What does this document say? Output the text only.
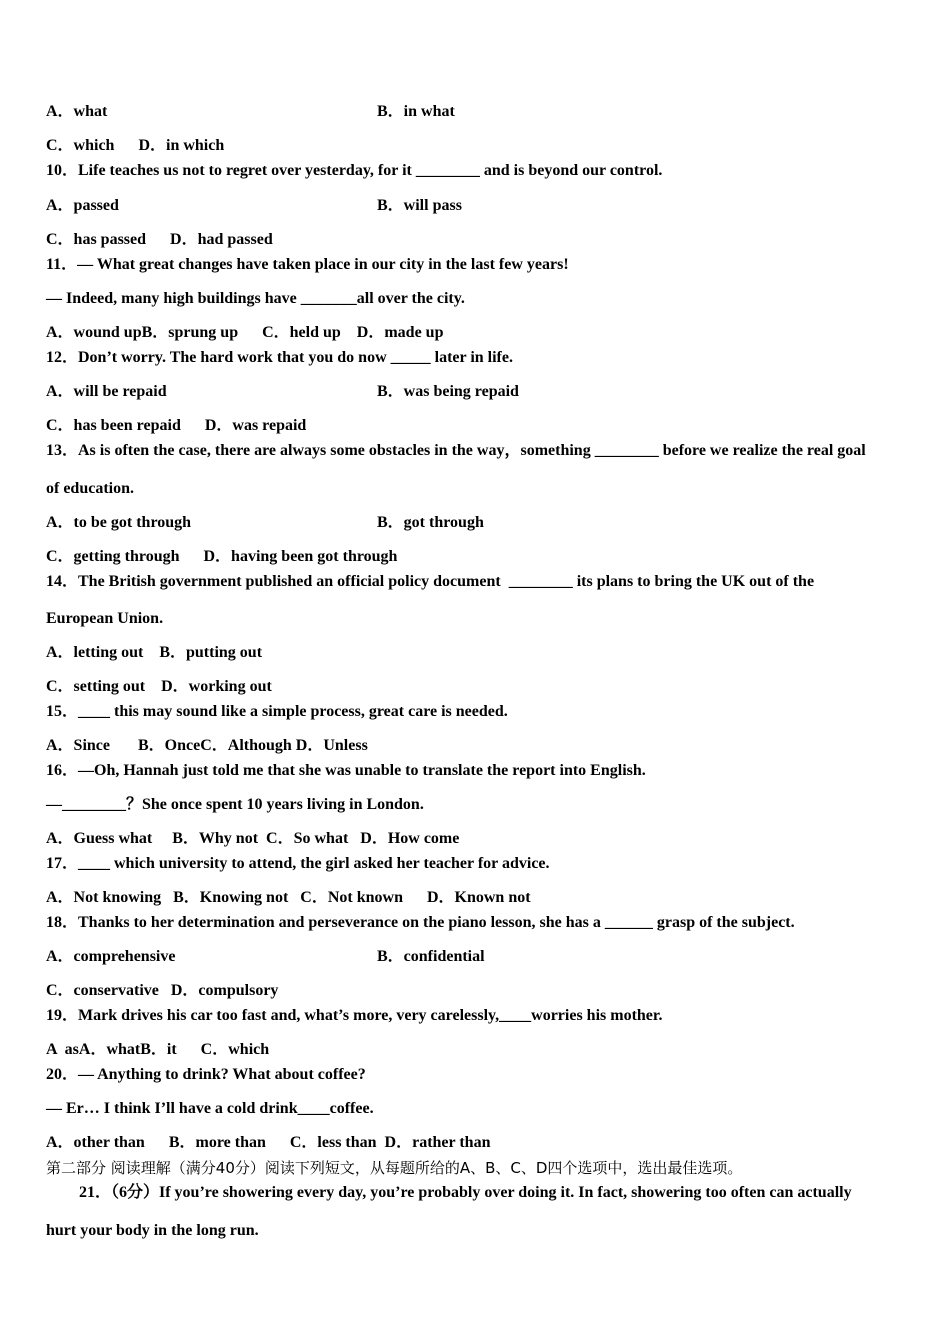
A．what	B．in what
C．which      D．in which
10．Life teaches us not to regret over yesterday, for it ________ and is beyond our control.
A．passed	B．will pass
C．has passed      D．had passed
11．— What great changes have taken place in our city in the last few years!
— Indeed, many high buildings have _______all over the city.
A．wound upB．sprung up      C．held up    D．made up
12．Don’t worry. The hard work that you do now _____ later in life.
A．will be repaid	B．was being repaid
C．has been repaid      D．was repaid
13．As is often the case, there are always some obstacles in the way，something ________ before we realize the real goal
of education.
A．to be got through	B．got through
C．getting through      D．having been got through
14．The British government published an official policy document  ________ its plans to bring the UK out of the
European Union.
A．letting out    B．putting out
C．setting out    D．working out
15．____ this may sound like a simple process, great care is needed.
A．Since       B．OnceC．Although D．Unless
16．—Oh, Hannah just told me that she was unable to translate the report into English.
—________？She once spent 10 years living in London.
A．Guess what     B．Why not  C．So what   D．How come
17．____ which university to attend, the girl asked her teacher for advice.
A．Not knowing   B．Knowing not   C．Not known      D．Known not
18．Thanks to her determination and perseverance on the piano lesson, she has a ______ grasp of the subject.
A．comprehensive	B．confidential
C．conservative   D．compulsory
19．Mark drives his car too fast and, what’s more, very carelessly,____worries his mother.
A  asA．whatB．it      C．which
20．— Anything to drink? What about coffee?
— Er… I think I’ll have a cold drink____coffee.
A．other than      B．more than      C．less than  D．rather than
第二部分 阅读理解（满分40分）阅读下列短文，从每题所给的A、B、C、D四个选项中，选出最佳选项。
21．（6分）If you’re showering every day, you’re probably over doing it. In fact, showering too often can actually
hurt your body in the long run.
